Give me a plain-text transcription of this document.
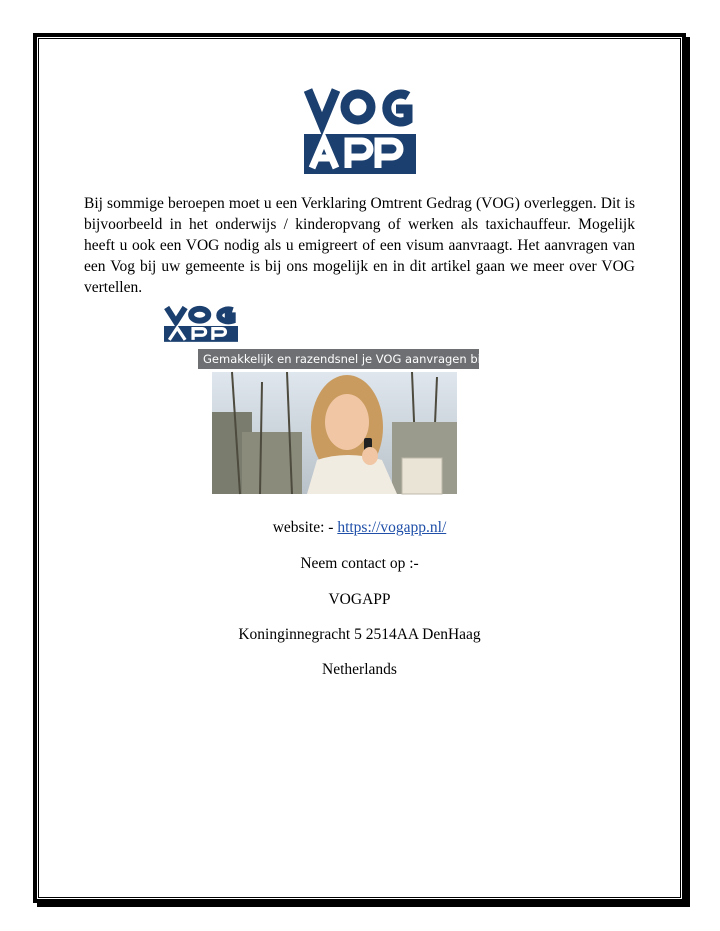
Bij sommige beroepen moet u een Verklaring Omtrent Gedrag (VOG) overleggen. Dit is bijvoorbeeld in het onderwijs / kinderopvang of werken als taxichauffeur. Mogelijk heeft u ook een VOG nodig als u emigreert of een visum aanvraagt. Het aanvragen van een Vog bij uw gemeente is bij ons mogelijk en in dit artikel gaan we meer over VOG vertellen.

Gemakkelijk en razendsnel je VOG aanvragen binnen

website: - https://vogapp.nl/

Neem contact op :-

VOGAPP

Koninginnegracht 5 2514AA DenHaag

Netherlands
